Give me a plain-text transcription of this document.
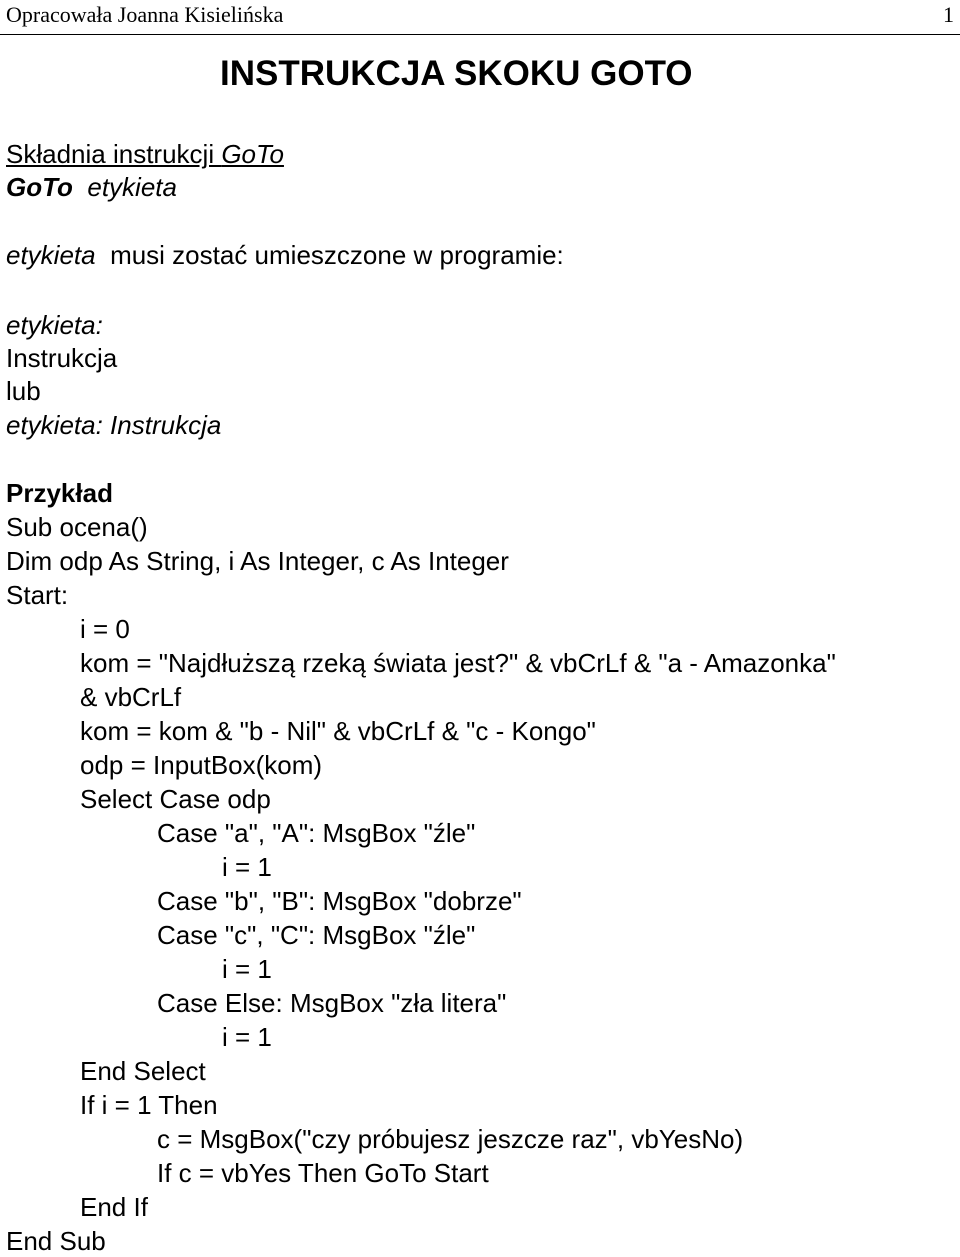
Opracowała Joanna Kisielińska	1
INSTRUKCJA SKOKU GOTO
Składnia instrukcji GoTo
GoTo etykieta
etykieta musi zostać umieszczone w programie:
etykieta:
Instrukcja
lub
etykieta: Instrukcja
Przykład
Sub ocena()
Dim odp As String, i As Integer, c As Integer
Start:
i = 0
kom = "Najdłuższą rzeką świata jest?" & vbCrLf & "a - Amazonka"
& vbCrLf
kom = kom & "b - Nil" & vbCrLf & "c - Kongo"
odp = InputBox(kom)
Select Case odp
Case "a", "A": MsgBox "źle"
i = 1
Case "b", "B": MsgBox "dobrze"
Case "c", "C": MsgBox "źle"
i = 1
Case Else: MsgBox "zła litera"
i = 1
End Select
If i = 1 Then
c = MsgBox("czy próbujesz jeszcze raz", vbYesNo)
If c = vbYes Then GoTo Start
End If
End Sub
